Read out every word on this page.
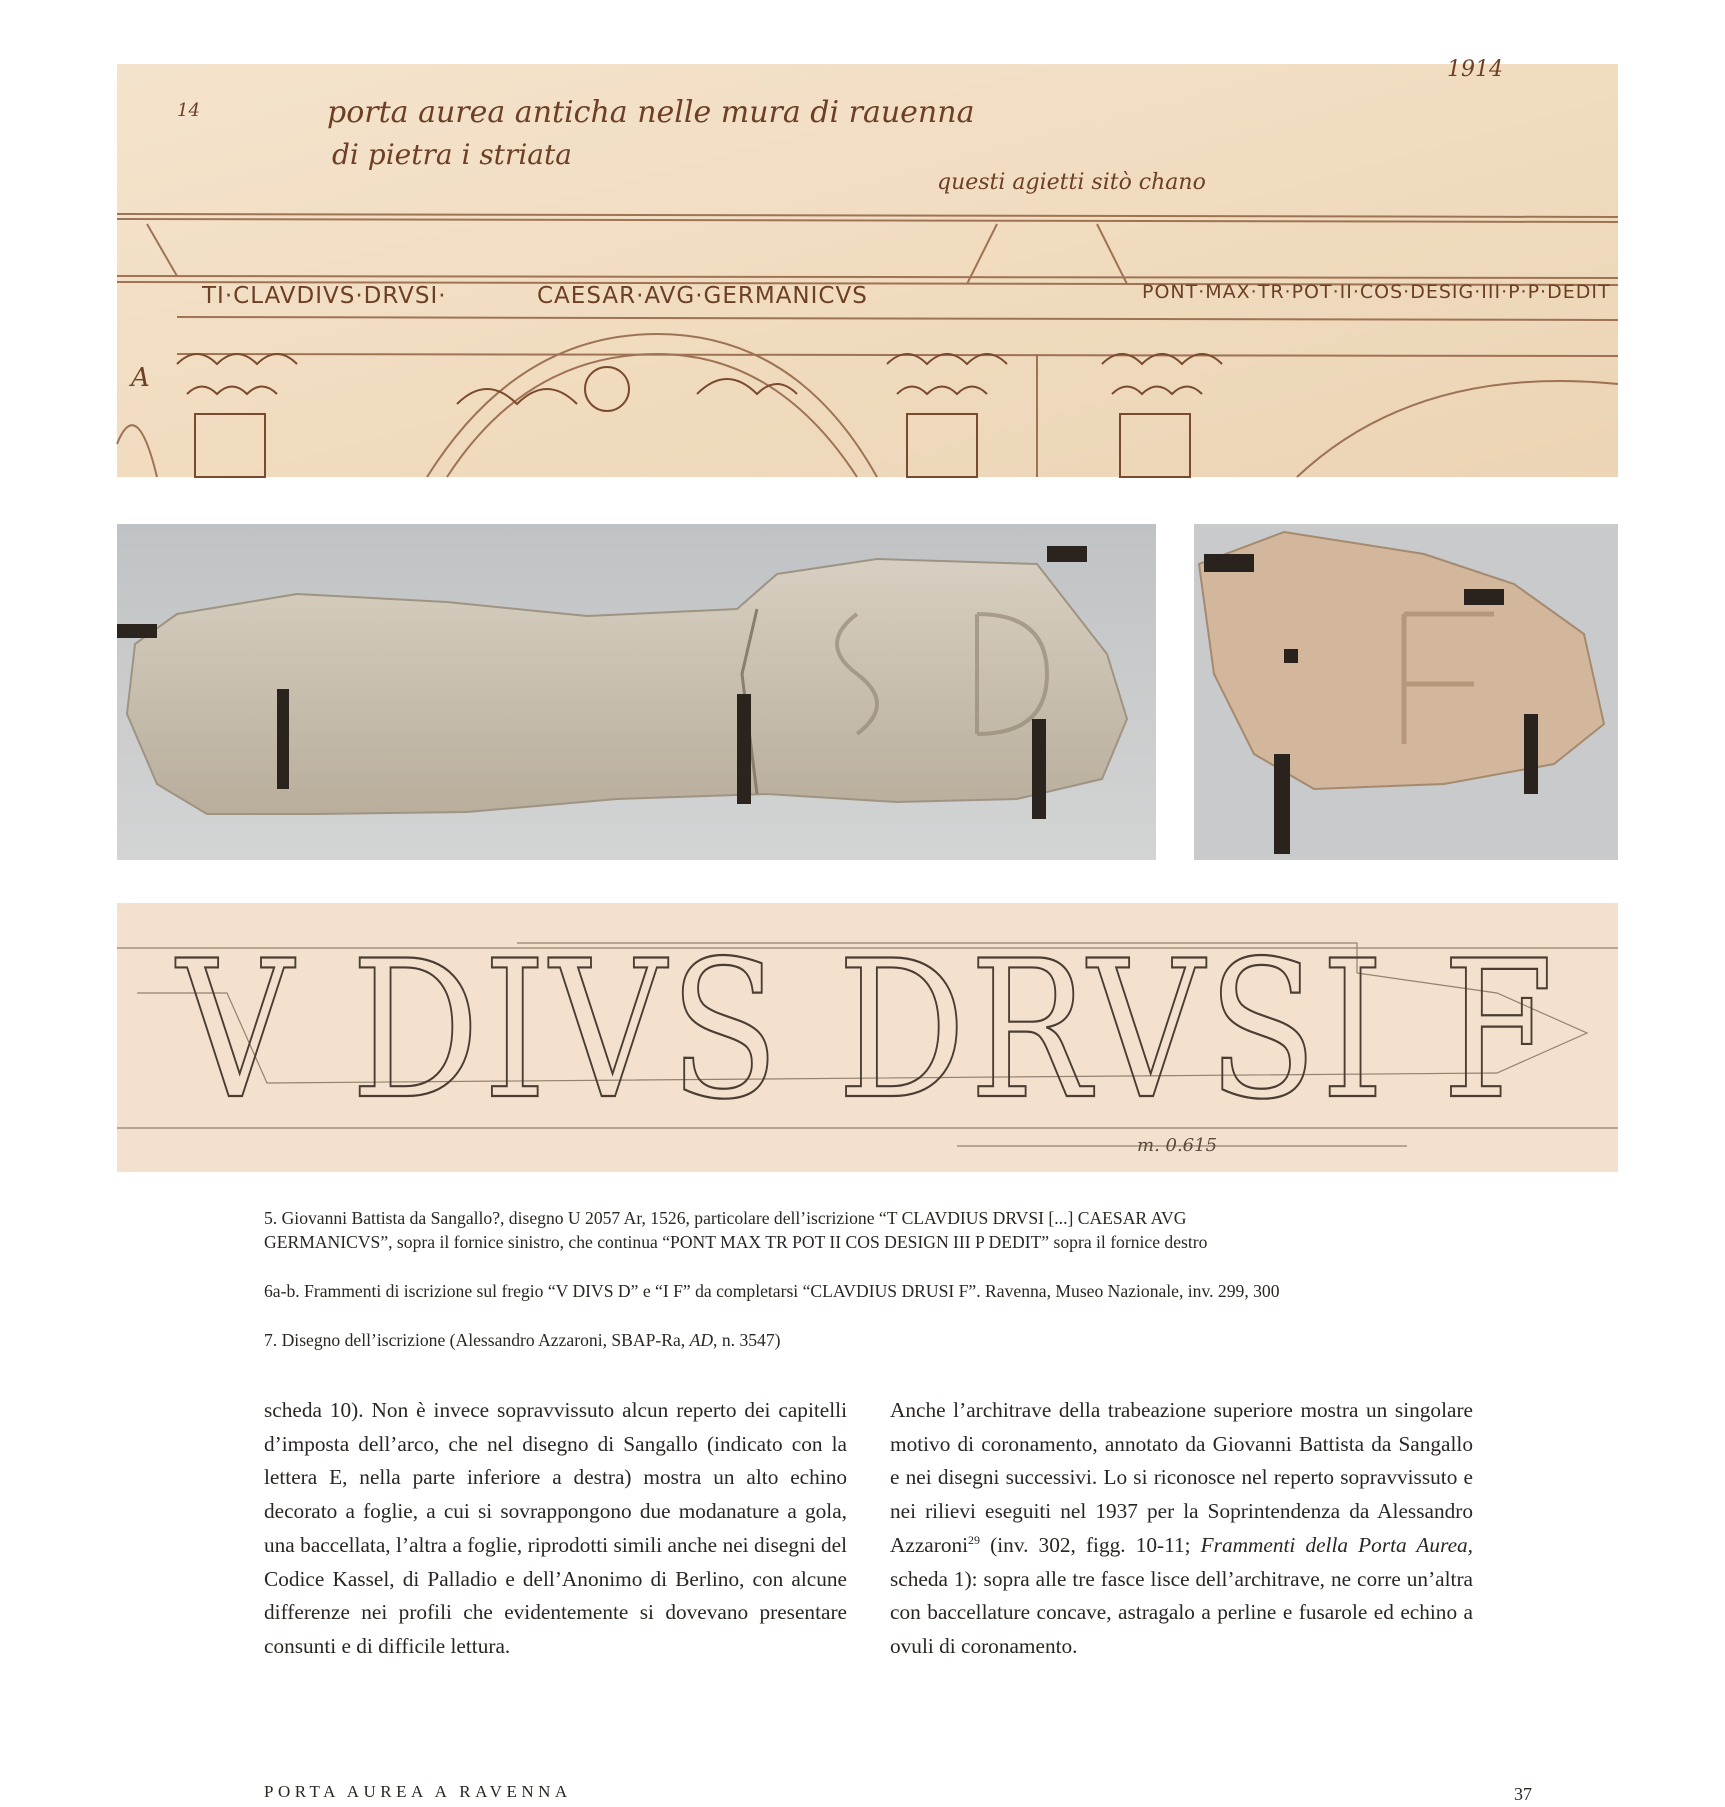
porta aurea anticha nelle mura di rauenna
di pietra i striata
questi agietti sitò chano
1914
14
A
TI·CLAVDIVS·DRVSI·	CAESAR·AVG·GERMANICVS	PONT·MAX·TR·POT·II·COS·DESIG·III·P·P·DEDIT
V DIVS DRVSI F
m. 0.615

5. Giovanni Battista da Sangallo?, disegno U 2057 Ar, 1526, particolare dell’iscrizione “T CLAVDIUS DRVSI [...] CAESAR AVG
GERMANICVS”, sopra il fornice sinistro, che continua “PONT MAX TR POT II COS DESIGN III P DEDIT” sopra il fornice destro

6a-b. Frammenti di iscrizione sul fregio “V DIVS D” e “I F” da completarsi “CLAVDIUS DRUSI F”. Ravenna, Museo Nazionale, inv. 299, 300

7. Disegno dell’iscrizione (Alessandro Azzaroni, SBAP-Ra, AD, n. 3547)

scheda 10). Non è invece sopravvissuto alcun reperto dei capitelli d’imposta dell’arco, che nel disegno di Sangallo (indicato con la lettera E, nella parte inferiore a destra) mostra un alto echino decorato a foglie, a cui si sovrappongono due modanature a gola, una baccellata, l’altra a foglie, riprodotti simili anche nei disegni del Codice Kassel, di Palladio e dell’Anonimo di Berlino, con alcune differenze nei profili che evidentemente si dovevano presentare consunti e di difficile lettura.

Anche l’architrave della trabeazione superiore mostra un singolare motivo di coronamento, annotato da Giovanni Battista da Sangallo e nei disegni successivi. Lo si riconosce nel reperto sopravvissuto e nei rilievi eseguiti nel 1937 per la Soprintendenza da Alessandro Azzaroni$^{29}$ (inv. 302, figg. 10-11; Frammenti della Porta Aurea, scheda 1): sopra alle tre fasce lisce dell’architrave, ne corre un’altra con baccellature concave, astragalo a perline e fusarole ed echino a ovuli di coronamento.

PORTA AUREA A RAVENNA	37
